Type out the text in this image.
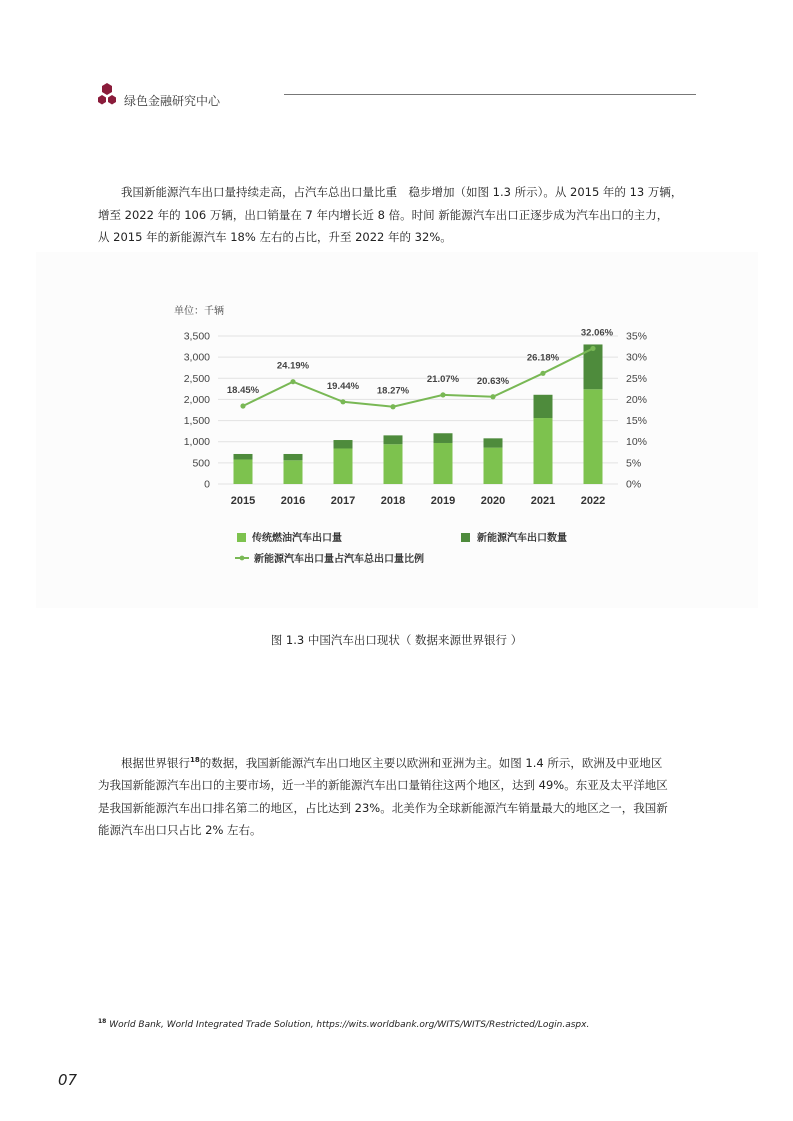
绿色金融研究中心

我国新能源汽车出口量持续走高，占汽车总出口量比重　稳步增加（如图 1.3 所示）。从 2015 年的 13 万辆，

增至 2022 年的 106 万辆，出口销量在 7 年内增长近 8 倍。时间 新能源汽车出口正逐步成为汽车出口的主力，

从 2015 年的新能源汽车 18% 左右的占比，升至 2022 年的 32%。

单位：千辆
0
500
1,000
1,500
2,000
2,500
3,000
3,500
0%
5%
10%
15%
20%
25%
30%
35%
2015 2016 2017 2018 2019 2020 2021 2022
18.45%
24.19%
19.44% 18.27%
21.07% 20.63%
26.18%
32.06%
传统燃油汽车出口量	新能源汽车出口数量
新能源汽车出口量占汽车总出口量比例
图 1.3 中国汽车出口现状（ 数据来源世界银行 ）

根据世界银行$^{18}$的数据，我国新能源汽车出口地区主要以欧洲和亚洲为主。如图 1.4 所示，欧洲及中亚地区

为我国新能源汽车出口的主要市场，近一半的新能源汽车出口量销往这两个地区，达到 49%。东亚及太平洋地区

是我国新能源汽车出口排名第二的地区，占比达到 23%。北美作为全球新能源汽车销量最大的地区之一，我国新

能源汽车出口只占比 2% 左右。

$^{18}$ World Bank, World Integrated Trade Solution, https://wits.worldbank.org/WITS/WITS/Restricted/Login.aspx.
07
